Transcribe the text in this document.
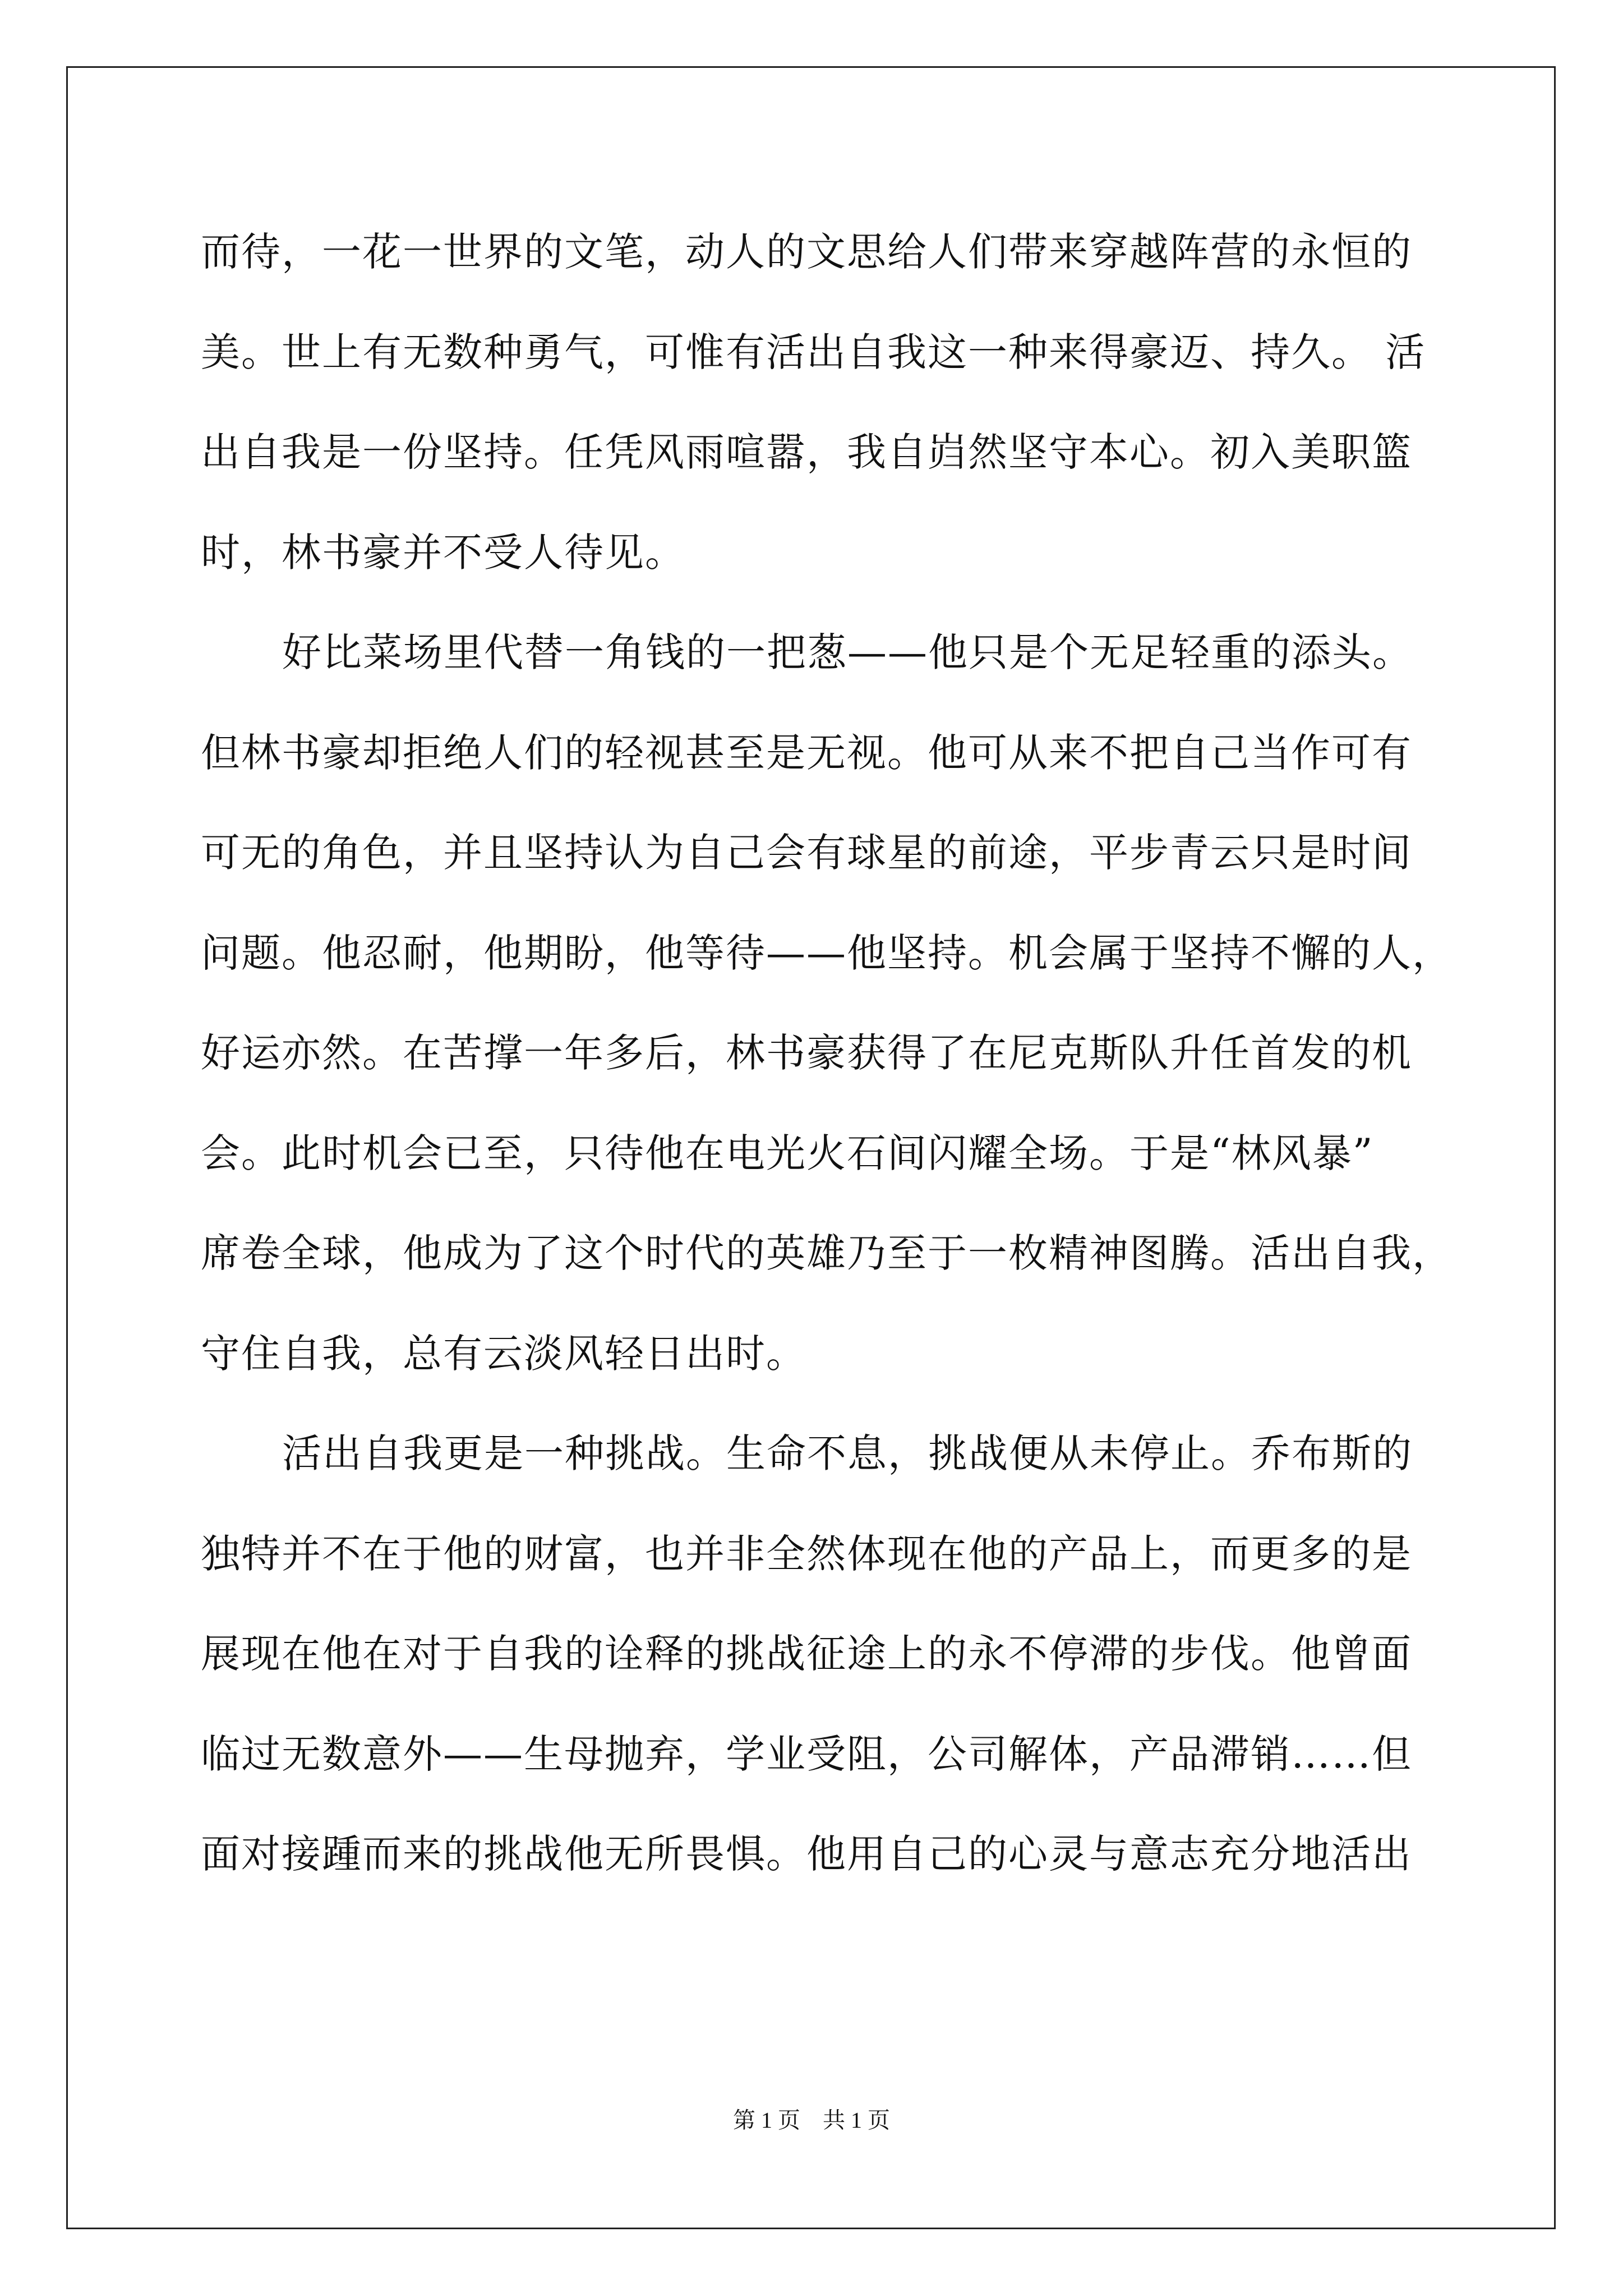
而待，一花一世界的文笔，动人的文思给人们带来穿越阵营的永恒的
美。世上有无数种勇气，可惟有活出自我这一种来得豪迈、持久。 活
出自我是一份坚持。任凭风雨喧嚣，我自岿然坚守本心。初入美职篮
时，林书豪并不受人待见。
好比菜场里代替一角钱的一把葱——他只是个无足轻重的添头。
但林书豪却拒绝人们的轻视甚至是无视。他可从来不把自己当作可有
可无的角色，并且坚持认为自己会有球星的前途，平步青云只是时间
问题。他忍耐，他期盼，他等待——他坚持。机会属于坚持不懈的人，
好运亦然。在苦撑一年多后，林书豪获得了在尼克斯队升任首发的机
会。此时机会已至，只待他在电光火石间闪耀全场。于是“林风暴”
席卷全球，他成为了这个时代的英雄乃至于一枚精神图腾。活出自我，
守住自我，总有云淡风轻日出时。
活出自我更是一种挑战。生命不息，挑战便从未停止。乔布斯的
独特并不在于他的财富，也并非全然体现在他的产品上，而更多的是
展现在他在对于自我的诠释的挑战征途上的永不停滞的步伐。他曾面
临过无数意外——生母抛弃，学业受阻，公司解体，产品滞销……但
面对接踵而来的挑战他无所畏惧。他用自己的心灵与意志充分地活出
第 1 页 共 1 页
